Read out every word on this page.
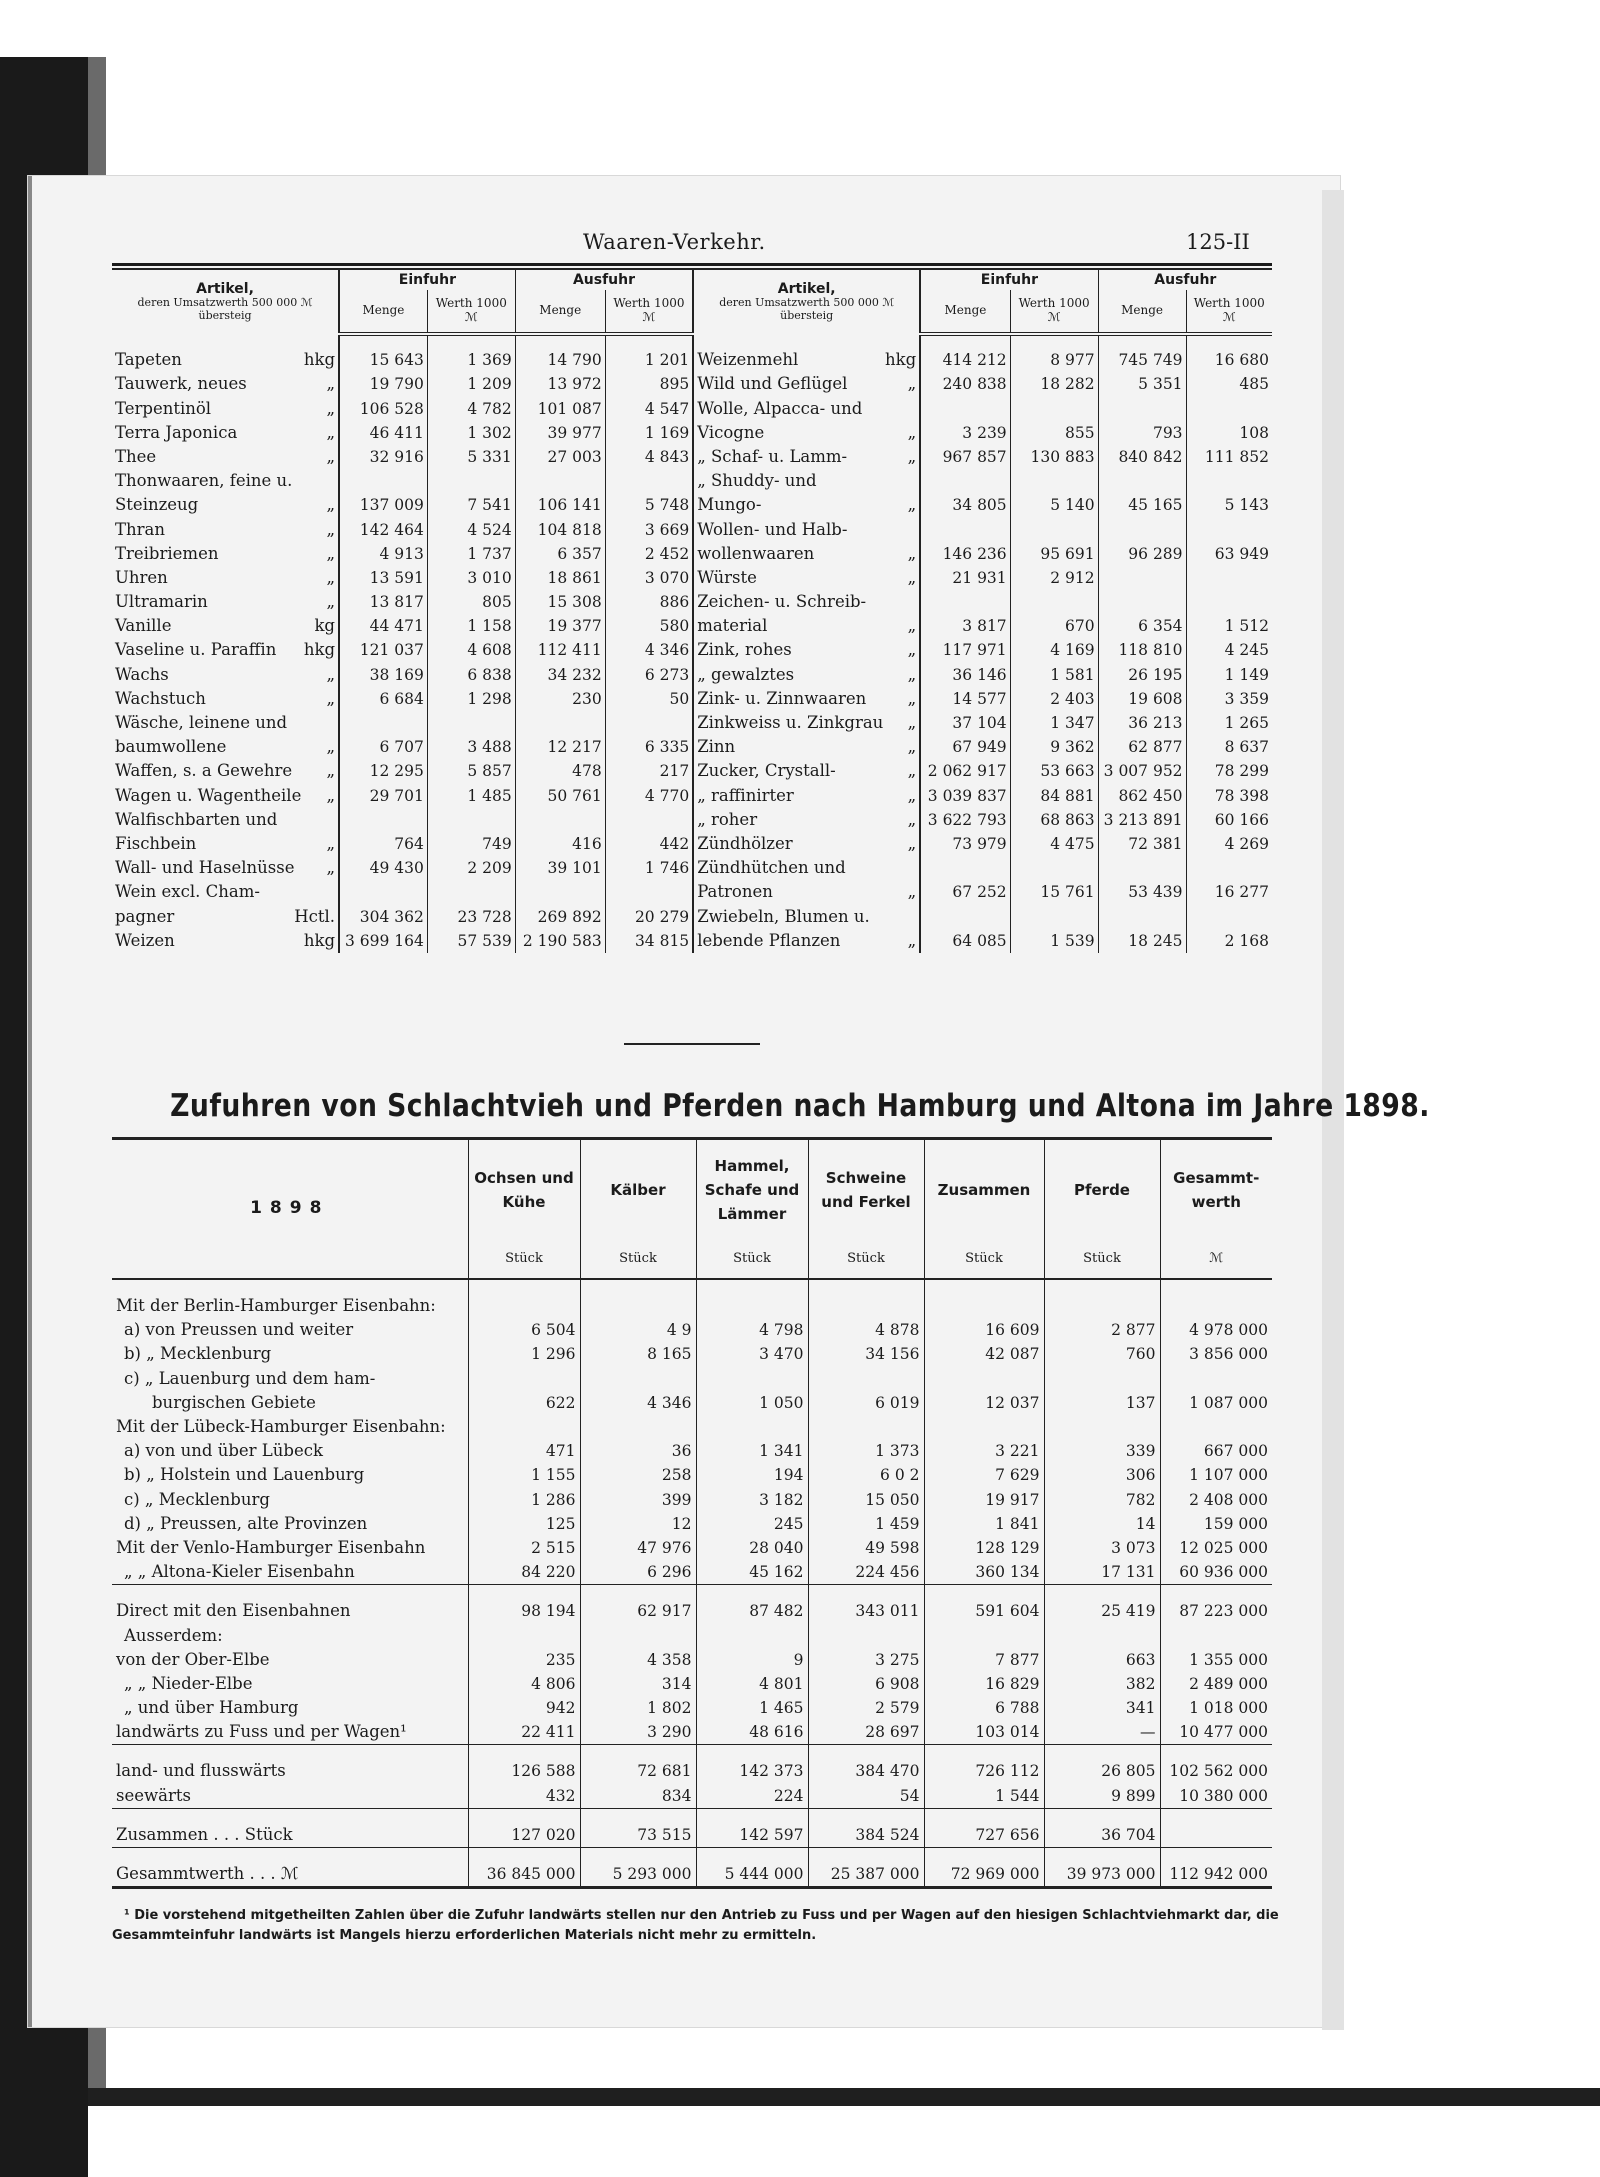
Waaren-Verkehr.	125-II
Artikel,
deren Umsatzwerth 500 000 ℳ übersteig	Einfuhr		Ausfuhr		Artikel,
deren Umsatzwerth 500 000 ℳ übersteig	Einfuhr		Ausfuhr	
	Menge	Werth 1000 ℳ	Menge	Werth 1000 ℳ		Menge	Werth 1000 ℳ	Menge	Werth 1000 ℳ

Tapeten hkg	15 643	1 369	14 790	1 201	Weizenmehl hkg	414 212	8 977	745 749	16 680

Tauwerk, neues „	19 790	1 209	13 972	895	Wild und Geflügel „	240 838	18 282	5 351	485

Terpentinöl „	106 528	4 782	101 087	4 547	Wolle, Alpacca- und				

Terra Japonica „	46 411	1 302	39 977	1 169	Vicogne „	3 239	855	793	108

Thee „	32 916	5 331	27 003	4 843	„ Schaf- u. Lamm- „	967 857	130 883	840 842	111 852

Thonwaaren, feine u.					„ Shuddy- und				

Steinzeug „	137 009	7 541	106 141	5 748	Mungo- „	34 805	5 140	45 165	5 143

Thran „	142 464	4 524	104 818	3 669	Wollen- und Halb-				

Treibriemen „	4 913	1 737	6 357	2 452	wollenwaaren „	146 236	95 691	96 289	63 949

Uhren „	13 591	3 010	18 861	3 070	Würste „	21 931	2 912		

Ultramarin „	13 817	805	15 308	886	Zeichen- u. Schreib-				

Vanille kg	44 471	1 158	19 377	580	material „	3 817	670	6 354	1 512

Vaseline u. Paraffin hkg	121 037	4 608	112 411	4 346	Zink, rohes „	117 971	4 169	118 810	4 245

Wachs „	38 169	6 838	34 232	6 273	„ gewalztes „	36 146	1 581	26 195	1 149

Wachstuch „	6 684	1 298	230	50	Zink- u. Zinnwaaren „	14 577	2 403	19 608	3 359

Wäsche, leinene und					Zinkweiss u. Zinkgrau „	37 104	1 347	36 213	1 265

baumwollene „	6 707	3 488	12 217	6 335	Zinn „	67 949	9 362	62 877	8 637

Waffen, s. a Gewehre „	12 295	5 857	478	217	Zucker, Crystall- „	2 062 917	53 663	3 007 952	78 299

Wagen u. Wagentheile „	29 701	1 485	50 761	4 770	„ raffinirter „	3 039 837	84 881	862 450	78 398

Walfischbarten und					„ roher „	3 622 793	68 863	3 213 891	60 166

Fischbein „	764	749	416	442	Zündhölzer „	73 979	4 475	72 381	4 269

Wall- und Haselnüsse „	49 430	2 209	39 101	1 746	Zündhütchen und				

Wein excl. Cham-					Patronen „	67 252	15 761	53 439	16 277

pagner Hctl.	304 362	23 728	269 892	20 279	Zwiebeln, Blumen u.				

Weizen hkg	3 699 164	57 539	2 190 583	34 815	lebende Pflanzen „	64 085	1 539	18 245	2 168
Zufuhren von Schlachtvieh und Pferden nach Hamburg und Altona im Jahre 1898.
1898	Ochsen und Kühe	Kälber	Hammel, Schafe und Lämmer	Schweine und Ferkel	Zusammen	Pferde	Gesammt-werth
	Stück	Stück	Stück	Stück	Stück	Stück	ℳ

Mit der Berlin-Hamburger Eisenbahn:							
a) von Preussen und weiter	6 504	4 9	4 798	4 878	16 609	2 877	4 978 000
b) „ Mecklenburg	1 296	8 165	3 470	34 156	42 087	760	3 856 000
c) „ Lauenburg und dem ham-							
burgischen Gebiete	622	4 346	1 050	6 019	12 037	137	1 087 000
Mit der Lübeck-Hamburger Eisenbahn:							
a) von und über Lübeck	471	36	1 341	1 373	3 221	339	667 000
b) „ Holstein und Lauenburg	1 155	258	194	6 0 2	7 629	306	1 107 000
c) „ Mecklenburg	1 286	399	3 182	15 050	19 917	782	2 408 000
d) „ Preussen, alte Provinzen	125	12	245	1 459	1 841	14	159 000
Mit der Venlo-Hamburger Eisenbahn	2 515	47 976	28 040	49 598	128 129	3 073	12 025 000
„ „ Altona-Kieler Eisenbahn	84 220	6 296	45 162	224 456	360 134	17 131	60 936 000

Direct mit den Eisenbahnen	98 194	62 917	87 482	343 011	591 604	25 419	87 223 000
Ausserdem:							
von der Ober-Elbe	235	4 358	9	3 275	7 877	663	1 355 000
„ „ Nieder-Elbe	4 806	314	4 801	6 908	16 829	382	2 489 000
„ und über Hamburg	942	1 802	1 465	2 579	6 788	341	1 018 000
landwärts zu Fuss und per Wagen¹	22 411	3 290	48 616	28 697	103 014	—	10 477 000

land- und flusswärts	126 588	72 681	142 373	384 470	726 112	26 805	102 562 000
seewärts	432	834	224	54	1 544	9 899	10 380 000

Zusammen . . . Stück	127 020	73 515	142 597	384 524	727 656	36 704	

Gesammtwerth . . . ℳ	36 845 000	5 293 000	5 444 000	25 387 000	72 969 000	39 973 000	112 942 000

¹ Die vorstehend mitgetheilten Zahlen über die Zufuhr landwärts stellen nur den Antrieb zu Fuss und per Wagen auf den hiesigen Schlachtviehmarkt dar, die Gesammteinfuhr landwärts ist Mangels hierzu erforderlichen Materials nicht mehr zu ermitteln.
